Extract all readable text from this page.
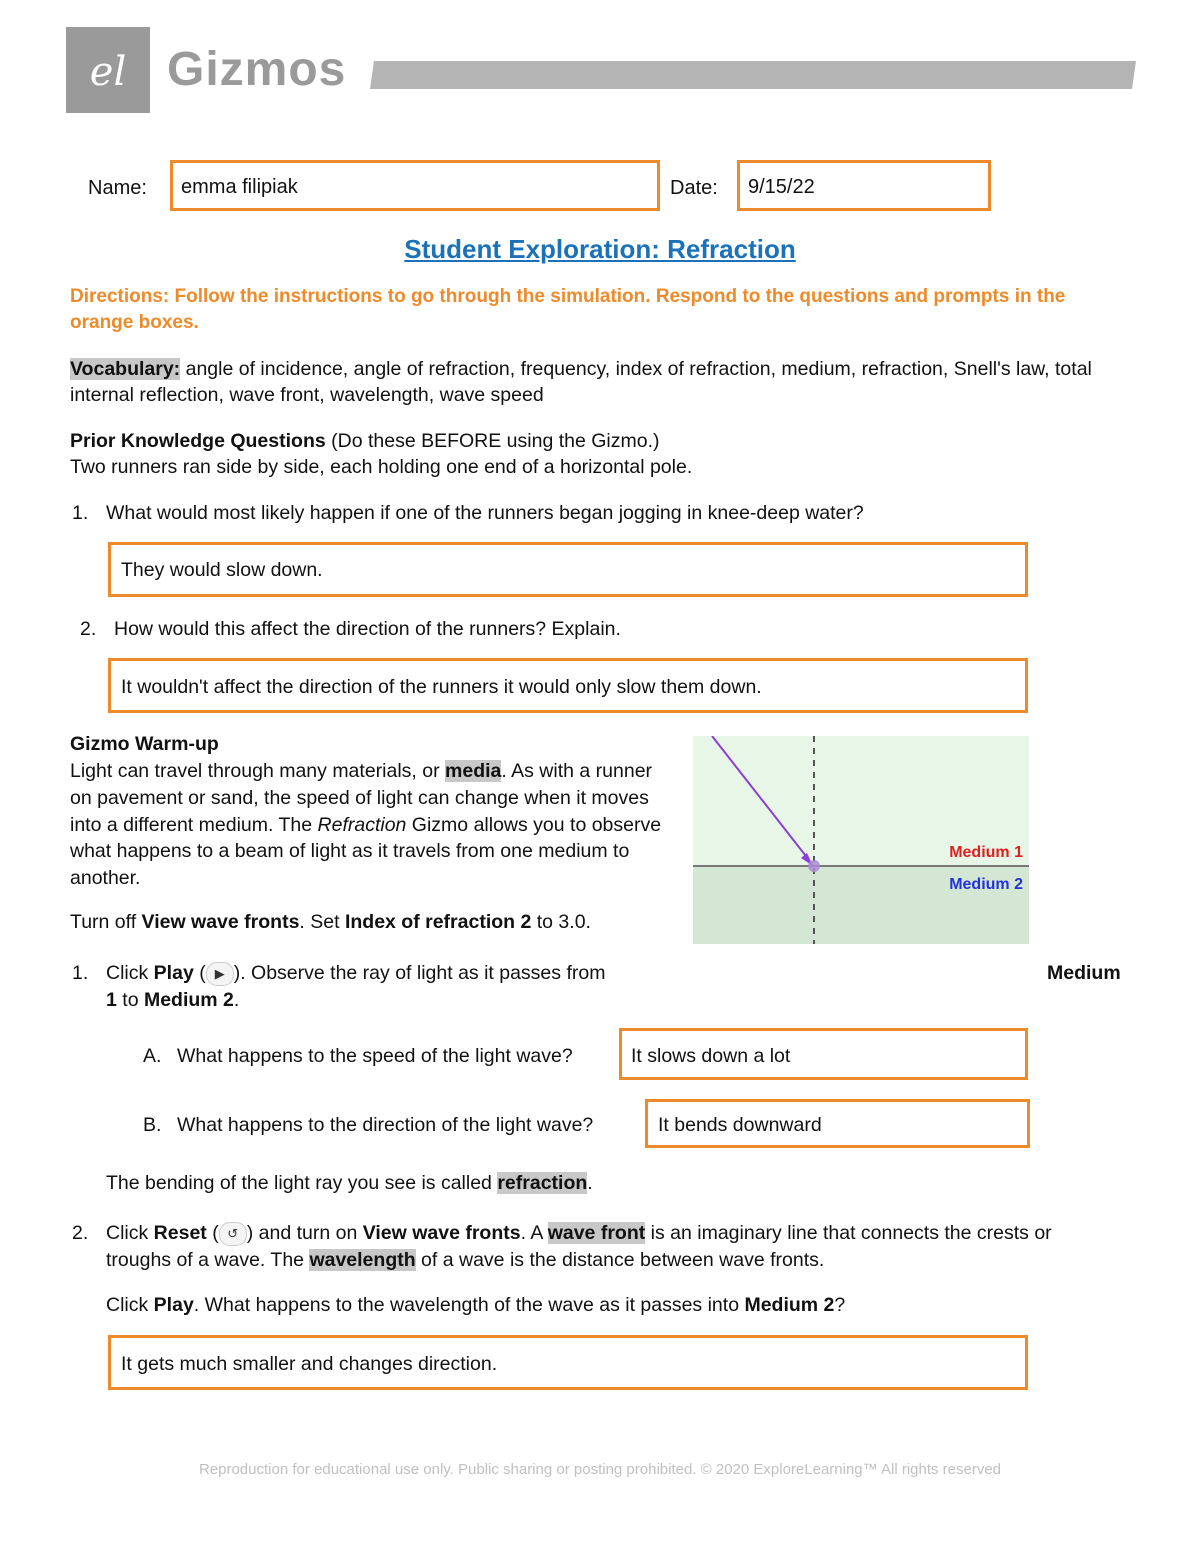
el Gizmos
Name:	emma filipiak	Date:	9/15/22
Student Exploration: Refraction
Directions: Follow the instructions to go through the simulation. Respond to the questions and prompts in the orange boxes.
Vocabulary: angle of incidence, angle of refraction, frequency, index of refraction, medium, refraction, Snell's law, total internal reflection, wave front, wavelength, wave speed
Prior Knowledge Questions (Do these BEFORE using the Gizmo.)
Two runners ran side by side, each holding one end of a horizontal pole.
1. What would most likely happen if one of the runners began jogging in knee-deep water?
They would slow down.
2. How would this affect the direction of the runners? Explain.
It wouldn't affect the direction of the runners it would only slow them down.
Gizmo Warm-up
Light can travel through many materials, or media. As with a runner on pavement or sand, the speed of light can change when it moves into a different medium. The Refraction Gizmo allows you to observe what happens to a beam of light as it travels from one medium to another.
Turn off View wave fronts. Set Index of refraction 2 to 3.0.
Medium 1
Medium 2
1. Click Play ( ▶ ). Observe the ray of light as it passes from	Medium
1 to Medium 2.
A. What happens to the speed of the light wave?	It slows down a lot
B. What happens to the direction of the light wave?	It bends downward
The bending of the light ray you see is called refraction.
2. Click Reset ( ↺ ) and turn on View wave fronts. A wave front is an imaginary line that connects the crests or troughs of a wave. The wavelength of a wave is the distance between wave fronts.
Click Play. What happens to the wavelength of the wave as it passes into Medium 2?
It gets much smaller and changes direction.
Reproduction for educational use only. Public sharing or posting prohibited. © 2020 ExploreLearning™ All rights reserved
